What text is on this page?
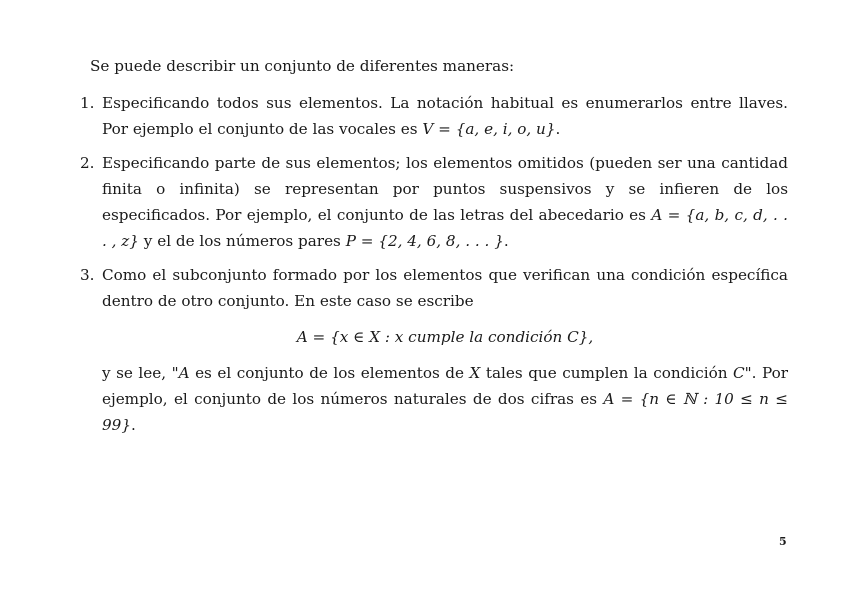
Se puede describir un conjunto de diferentes maneras:
1. Especificando todos sus elementos. La notación habitual es enumerarlos entre llaves. Por ejemplo el conjunto de las vocales es V = {a, e, i, o, u}.
2. Especificando parte de sus elementos; los elementos omitidos (pueden ser una cantidad finita o infinita) se representan por puntos suspensivos y se infieren de los especificados. Por ejemplo, el conjunto de las letras del abecedario es A = {a, b, c, d, . . . , z} y el de los números pares P = {2, 4, 6, 8, . . . }.
3. Como el subconjunto formado por los elementos que verifican una condición específica dentro de otro conjunto. En este caso se escribe
A = {x ∈ X : x cumple la condición C},
y se lee, "A es el conjunto de los elementos de X tales que cumplen la condición C". Por ejemplo, el conjunto de los números naturales de dos cifras es A = {n ∈ ℕ : 10 ≤ n ≤ 99}.
5
